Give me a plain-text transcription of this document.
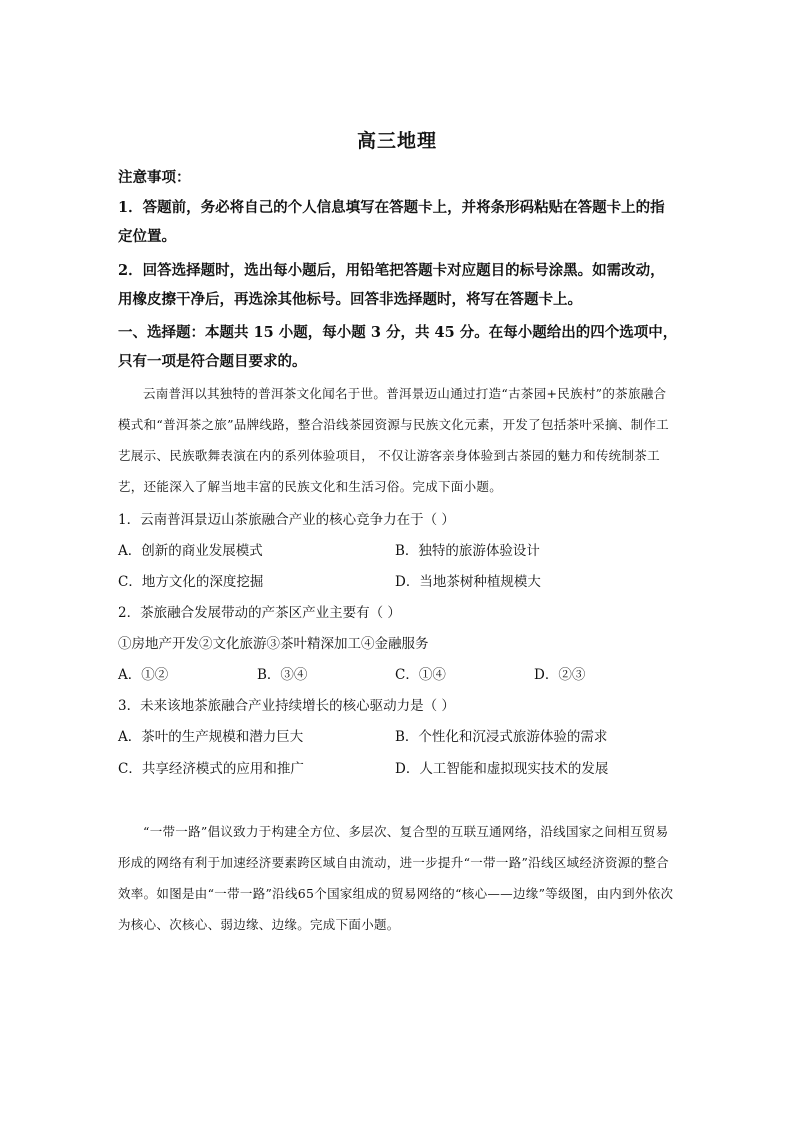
高三地理
注意事项：
1．答题前，务必将自己的个人信息填写在答题卡上，并将条形码粘贴在答题卡上的指定位置。
2．回答选择题时，选出每小题后，用铅笔把答题卡对应题目的标号涂黑。如需改动，用橡皮擦干净后，再选涂其他标号。回答非选择题时，将写在答题卡上。
一、选择题：本题共 15 小题，每小题 3 分，共 45 分。在每小题给出的四个选项中，只有一项是符合题目要求的。
云南普洱以其独特的普洱茶文化闻名于世。普洱景迈山通过打造“古茶园+民族村”的茶旅融合模式和“普洱茶之旅”品牌线路，整合沿线茶园资源与民族文化元素，开发了包括茶叶采摘、制作工艺展示、民族歌舞表演在内的系列体验项目， 不仅让游客亲身体验到古茶园的魅力和传统制茶工艺，还能深入了解当地丰富的民族文化和生活习俗。完成下面小题。
1．云南普洱景迈山茶旅融合产业的核心竞争力在于（ ）
A．创新的商业发展模式	B．独特的旅游体验设计
C．地方文化的深度挖掘	D．当地茶树种植规模大
2．茶旅融合发展带动的产茶区产业主要有（ ）
①房地产开发②文化旅游③茶叶精深加工④金融服务
A．①②	B．③④	C．①④	D．②③
3．未来该地茶旅融合产业持续增长的核心驱动力是（ ）
A．茶叶的生产规模和潜力巨大	B．个性化和沉浸式旅游体验的需求
C．共享经济模式的应用和推广	D．人工智能和虚拟现实技术的发展
“一带一路”倡议致力于构建全方位、多层次、复合型的互联互通网络，沿线国家之间相互贸易形成的网络有利于加速经济要素跨区域自由流动，进一步提升“一带一路”沿线区域经济资源的整合效率。如图是由“一带一路”沿线65个国家组成的贸易网络的“核心——边缘”等级图，由内到外依次为核心、次核心、弱边缘、边缘。完成下面小题。
